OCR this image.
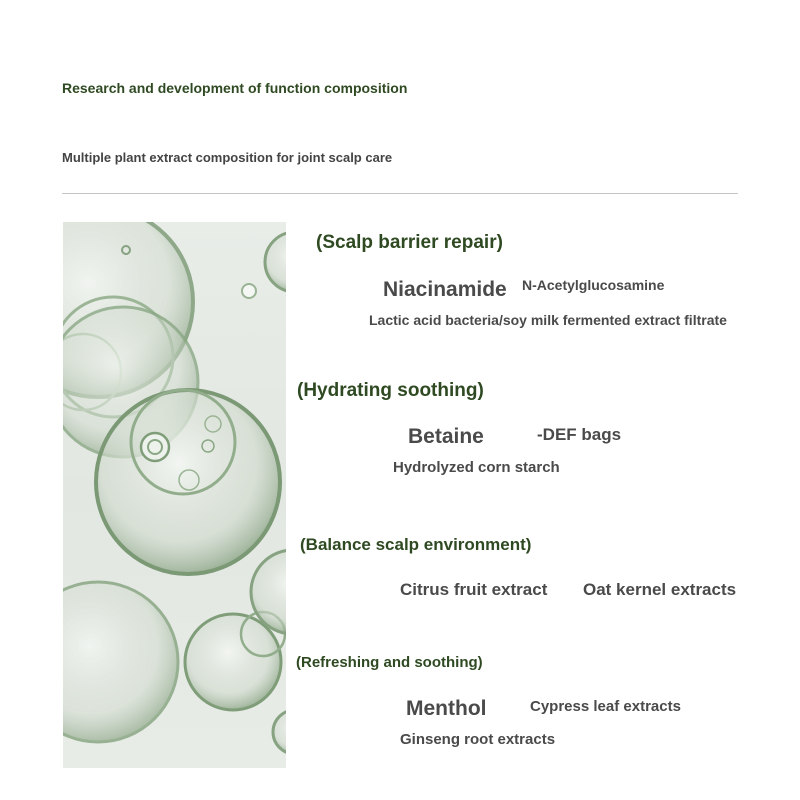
Research and development of function composition
Multiple plant extract composition for joint scalp care
(Scalp barrier repair)
Niacinamide N-Acetylglucosamine
Lactic acid bacteria/soy milk fermented extract filtrate
(Hydrating soothing)
Betaine	-DEF bags
Hydrolyzed corn starch
(Balance scalp environment)
Citrus fruit extract Oat kernel extracts
(Refreshing and soothing)
Menthol	Cypress leaf extracts
Ginseng root extracts
